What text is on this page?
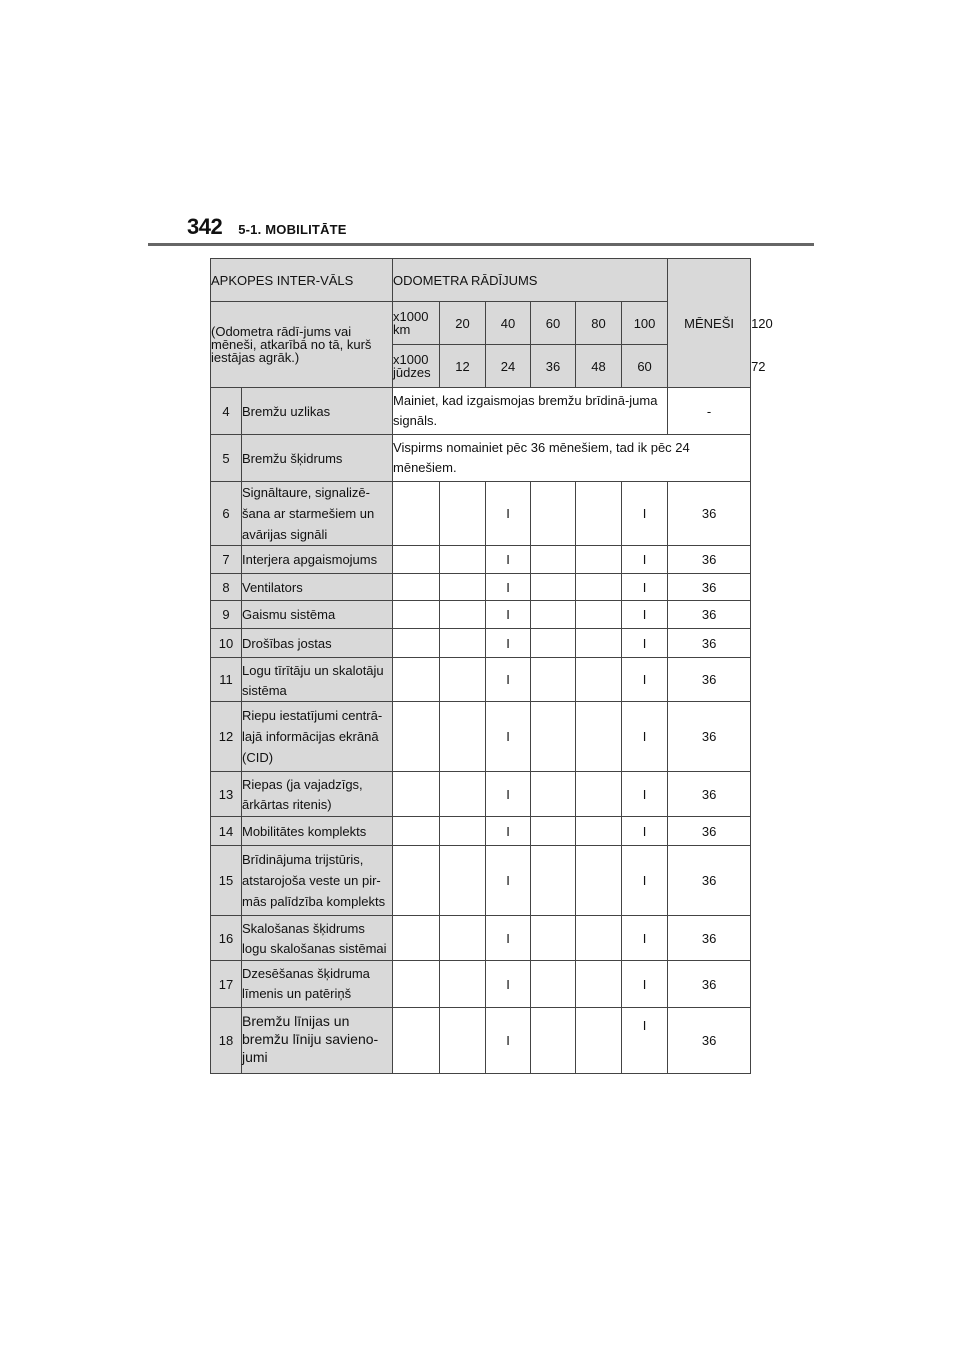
342 5-1. MOBILITĀTE
APKOPES INTER-VĀLS		ODOMETRA RĀDĪJUMS						MĒNEŠI	
(Odometra rādī-jums vai mēneši, atkarībā no tā, kurš iestājas agrāk.)		x1000 km	20	40	60	80	100		120
		x1000 jūdzes	12	24	36	48	60		72
4	Bremžu uzlikas	Mainiet, kad izgaismojas bremžu brīdinā-juma signāls.						-	
5	Bremžu šķidrums	Vispirms nomainiet pēc 36 mēnešiem, tad ik pēc 24 mēnešiem.							
6	Signāltaure, signalizē-šana ar starmešiem un avārijas signāli			I			I	36	
7	Interjera apgaismojums			I			I	36	
8	Ventilators			I			I	36	
9	Gaismu sistēma			I			I	36	
10	Drošības jostas			I			I	36	
11	Logu tīrītāju un skalotāju sistēma			I			I	36	
12	Riepu iestatījumi centrā-lajā informācijas ekrānā (CID)			I			I	36	
13	Riepas (ja vajadzīgs, ārkārtas ritenis)			I			I	36	
14	Mobilitātes komplekts			I			I	36	
15	Brīdinājuma trijstūris, atstarojoša veste un pir-mās palīdzība komplekts			I			I	36	
16	Skalošanas šķidrums logu skalošanas sistēmai			I			I	36	
17	Dzesēšanas šķidruma līmenis un patēriņš			I			I	36	
18	Bremžu līnijas un bremžu līniju savieno-jumi			I			I	36	
